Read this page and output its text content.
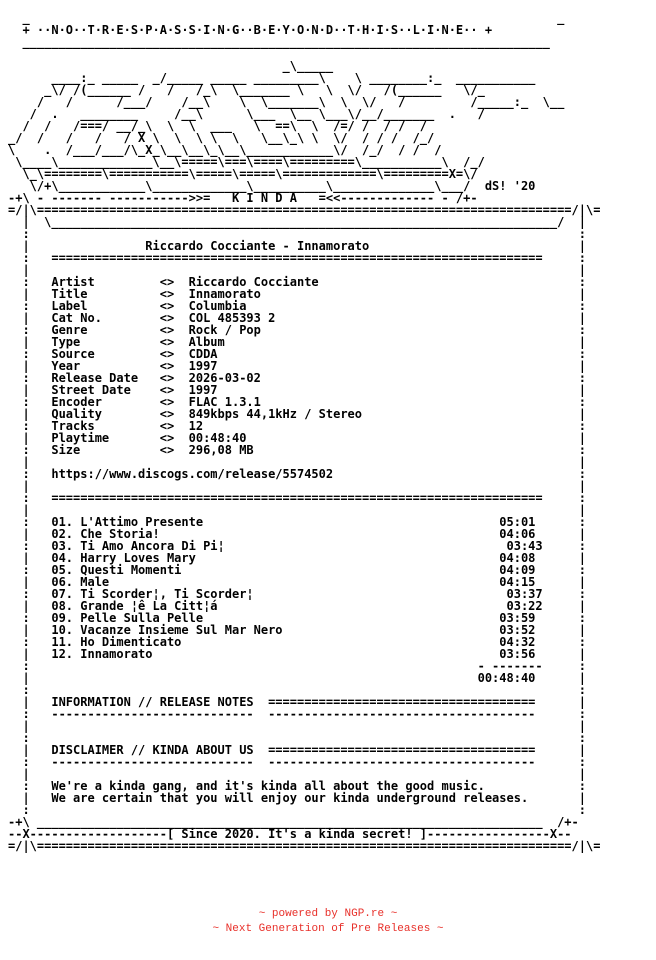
_                                                                         _
+ ··N·O··T·R·E·S·P·A·S·S·I·N·G··B·E·Y·O·N·D··T·H·I·S··L·I·N·E·· +
_________________________________________________________________________

_\_____
____:_ _____  _/_____ _____ _________\    \ ________:_  ___________
_\/ /(______ /   /   /_\  \_______ \   \  \/   /(______   \/_
/   /      /___/    /__\    \  \_______\  \  \/   /         /_____:_  \__
/  .   ________     /__\      \___  \__ \___\/__/_______  .   /
/  /   /===/ __/_\  \  \  ___   \  ==\  \  /=/ /  / /  /
_/  /   /   /   / X \  \  \ \  \   \__\_\ \  \/  / / /  /_/
\    .  /___/___/\_X_\__\__\_\__\____________\/  /_/  / /  /
\____\_____________\__\=====\===\====\=========\___________\  /_/
\_\========\===========\=====\=====\=============\=========X=\/
\/+\____________\_____________\__________\______________\___/  dS! '20
-+\ - ------- ----------->>=   K I N D A   =<<------------- - /+-
=/|\==========================================================================/|\=
|  \______________________________________________________________________/  |
:                                                                            :
|                Riccardo Cocciante - Innamorato                             |
:   ====================================================================     :
|                                                                            |
:   Artist         <>  Riccardo Cocciante                                    :
|   Title          <>  Innamorato                                            |
:   Label          <>  Columbia                                              :
|   Cat No.        <>  COL 485393 2                                          |
:   Genre          <>  Rock / Pop                                            :
|   Type           <>  Album                                                 |
:   Source         <>  CDDA                                                  :
|   Year           <>  1997                                                  |
:   Release Date   <>  2026-03-02                                            :
|   Street Date    <>  1997                                                  |
:   Encoder        <>  FLAC 1.3.1                                            :
|   Quality        <>  849kbps 44,1kHz / Stereo                              |
:   Tracks         <>  12                                                    :
|   Playtime       <>  00:48:40                                              |
:   Size           <>  296,08 MB                                             :
|                                                                            |
:   https://www.discogs.com/release/5574502                                  :
|                                                                            |
:   ====================================================================     :
|                                                                            |
:   01. L'Attimo Presente                                         05:01      :
|   02. Che Storia!                                               04:06      |
:   03. Ti Amo Ancora Di Pi¦                                       03:43     :
|   04. Harry Loves Mary                                          04:08      |
:   05. Questi Momenti                                            04:09      :
|   06. Male                                                      04:15      |
:   07. Ti Scorder¦, Ti Scorder¦                                   03:37     :
|   08. Grande ¦ê La Citt¦á                                        03:22     |
:   09. Pelle Sulla Pelle                                         03:59      :
|   10. Vacanze Insieme Sul Mar Nero                              03:52      |
:   11. Ho Dimenticato                                            04:32      :
|   12. Innamorato                                                03:56      |
:                                                              - -------     :
|                                                              00:48:40      |
:                                                                            :
|   INFORMATION // RELEASE NOTES  =====================================      |
:   ----------------------------  -------------------------------------      :
|                                                                            |
:                                                                            :
|   DISCLAIMER // KINDA ABOUT US  =====================================      |
:   ----------------------------  -------------------------------------      :
|                                                                            |
:   We're a kinda gang, and it's kinda all about the good music.             :
|   We are certain that you will enjoy our kinda underground releases.       |
:                                                                            :
-+\ ______________________________________________________________________  /+-
--X-------------------[ Since 2020. It's a kinda secret! ]-----------------X--
=/|\==========================================================================/|\=
~ powered by NGP.re ~
~ Next Generation of Pre Releases ~
